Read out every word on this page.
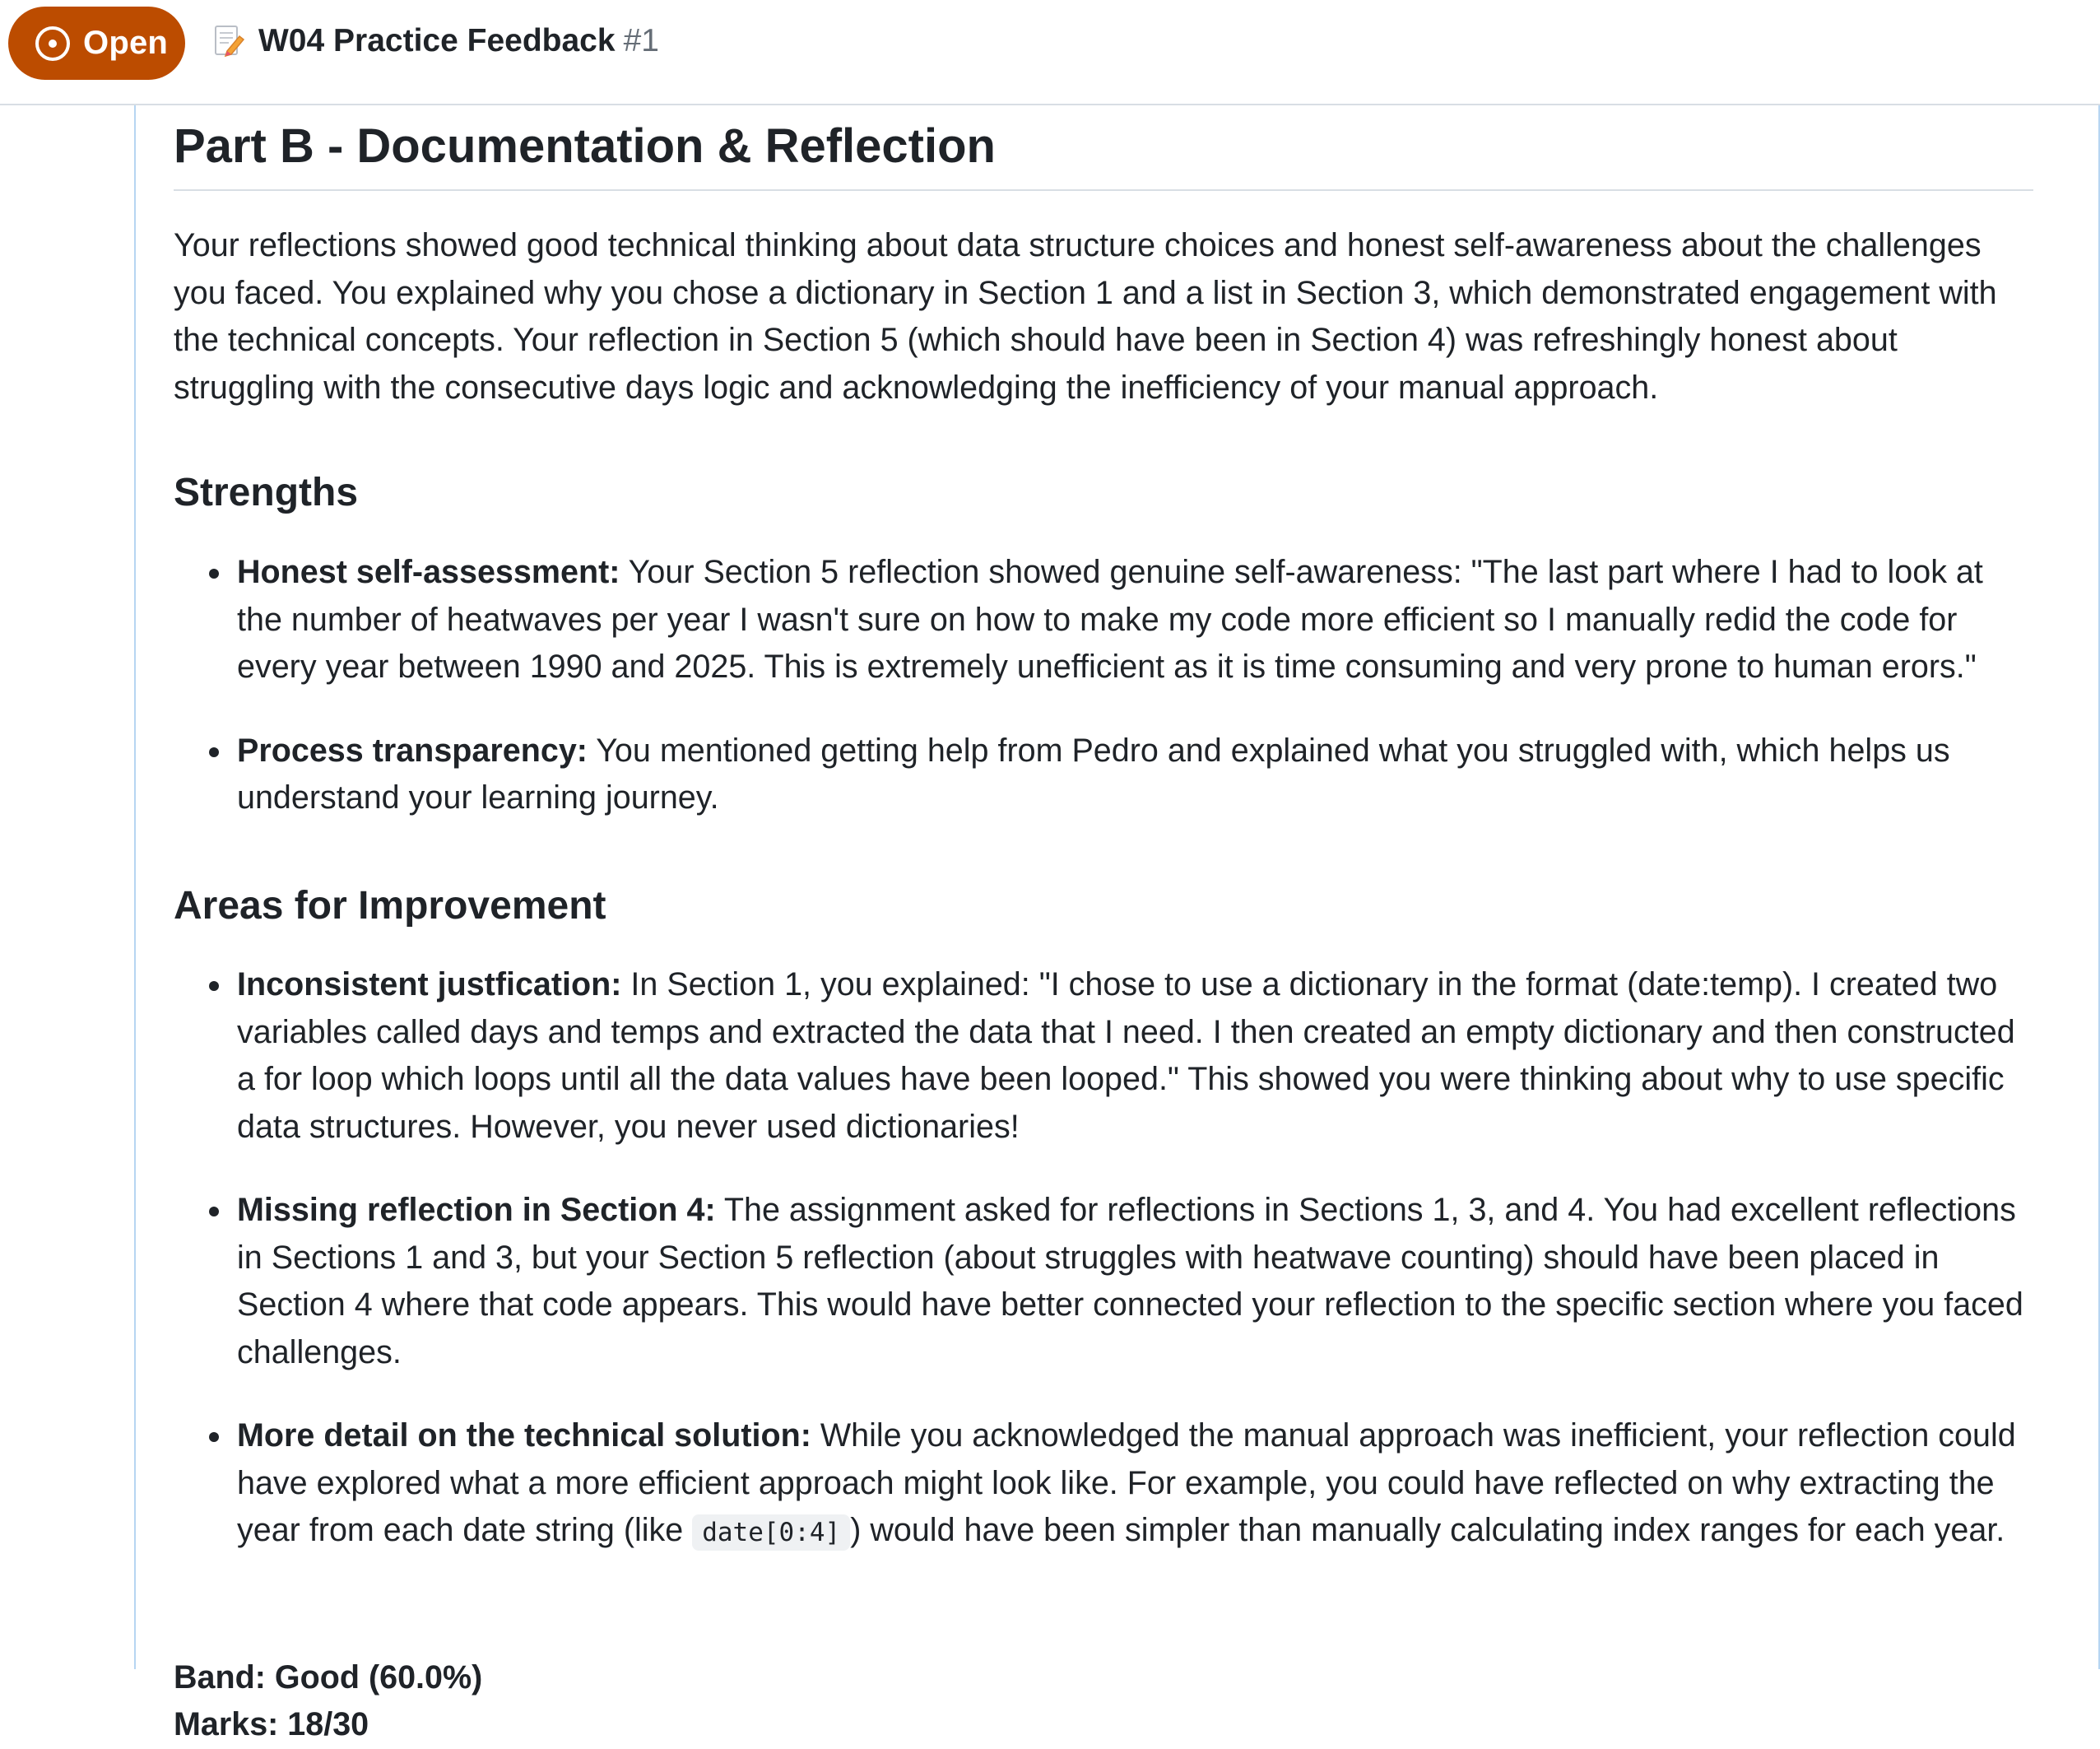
Open	W04 Practice Feedback #1
Part B - Documentation & Reflection

Your reflections showed good technical thinking about data structure choices and honest self-awareness about the challenges you faced. You explained why you chose a dictionary in Section 1 and a list in Section 3, which demonstrated engagement with the technical concepts. Your reflection in Section 5 (which should have been in Section 4) was refreshingly honest about struggling with the consecutive days logic and acknowledging the inefficiency of your manual approach.

Strengths
Honest self-assessment: Your Section 5 reflection showed genuine self-awareness: "The last part where I had to look at the number of heatwaves per year I wasn't sure on how to make my code more efficient so I manually redid the code for every year between 1990 and 2025. This is extremely unefficient as it is time consuming and very prone to human erors."
Process transparency: You mentioned getting help from Pedro and explained what you struggled with, which helps us understand your learning journey.
Areas for Improvement
Inconsistent justfication: In Section 1, you explained: "I chose to use a dictionary in the format (date:temp). I created two variables called days and temps and extracted the data that I need. I then created an empty dictionary and then constructed a for loop which loops until all the data values have been looped." This showed you were thinking about why to use specific data structures. However, you never used dictionaries!
Missing reflection in Section 4: The assignment asked for reflections in Sections 1, 3, and 4. You had excellent reflections in Sections 1 and 3, but your Section 5 reflection (about struggles with heatwave counting) should have been placed in Section 4 where that code appears. This would have better connected your reflection to the specific section where you faced challenges.
More detail on the technical solution: While you acknowledged the manual approach was inefficient, your reflection could have explored what a more efficient approach might look like. For example, you could have reflected on why extracting the year from each date string (like date[0:4] ) would have been simpler than manually calculating index ranges for each year.

Band: Good (60.0%)

Marks: 18/30
